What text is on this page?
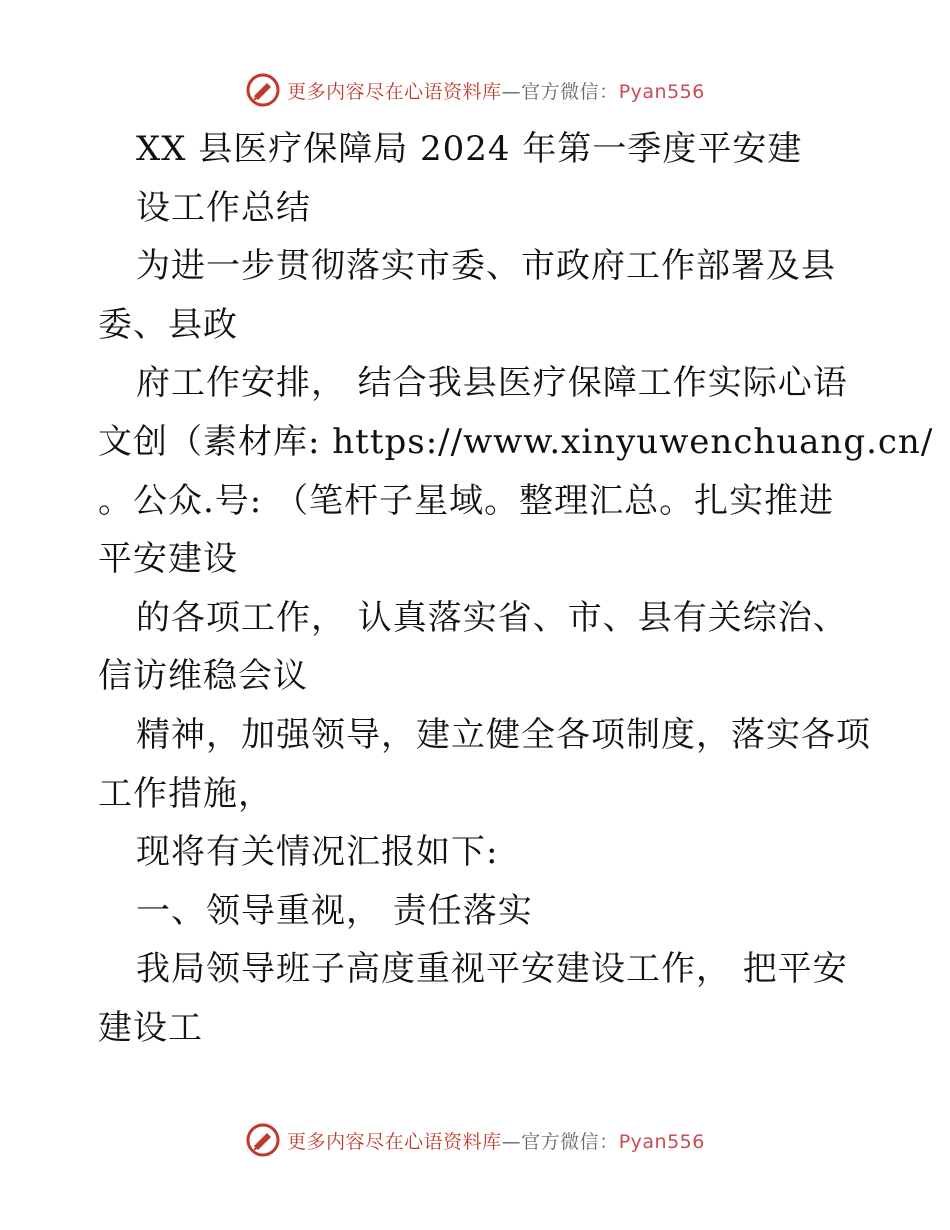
更多内容尽在心语资料库—官方微信：Pyan556
XX 县医疗保障局 2024 年第一季度平安建
设工作总结
为进一步贯彻落实市委、市政府工作部署及县
委、县政
府工作安排， 结合我县医疗保障工作实际心语
文创（素材库: https://www.xinyuwenchuang.cn/
。公众.号: （笔杆子星域。整理汇总。扎实推进
平安建设
的各项工作， 认真落实省、市、县有关综治、
信访维稳会议
精神，加强领导，建立健全各项制度，落实各项
工作措施，
现将有关情况汇报如下:
一、领导重视， 责任落实
我局领导班子高度重视平安建设工作， 把平安
建设工
更多内容尽在心语资料库—官方微信：Pyan556
